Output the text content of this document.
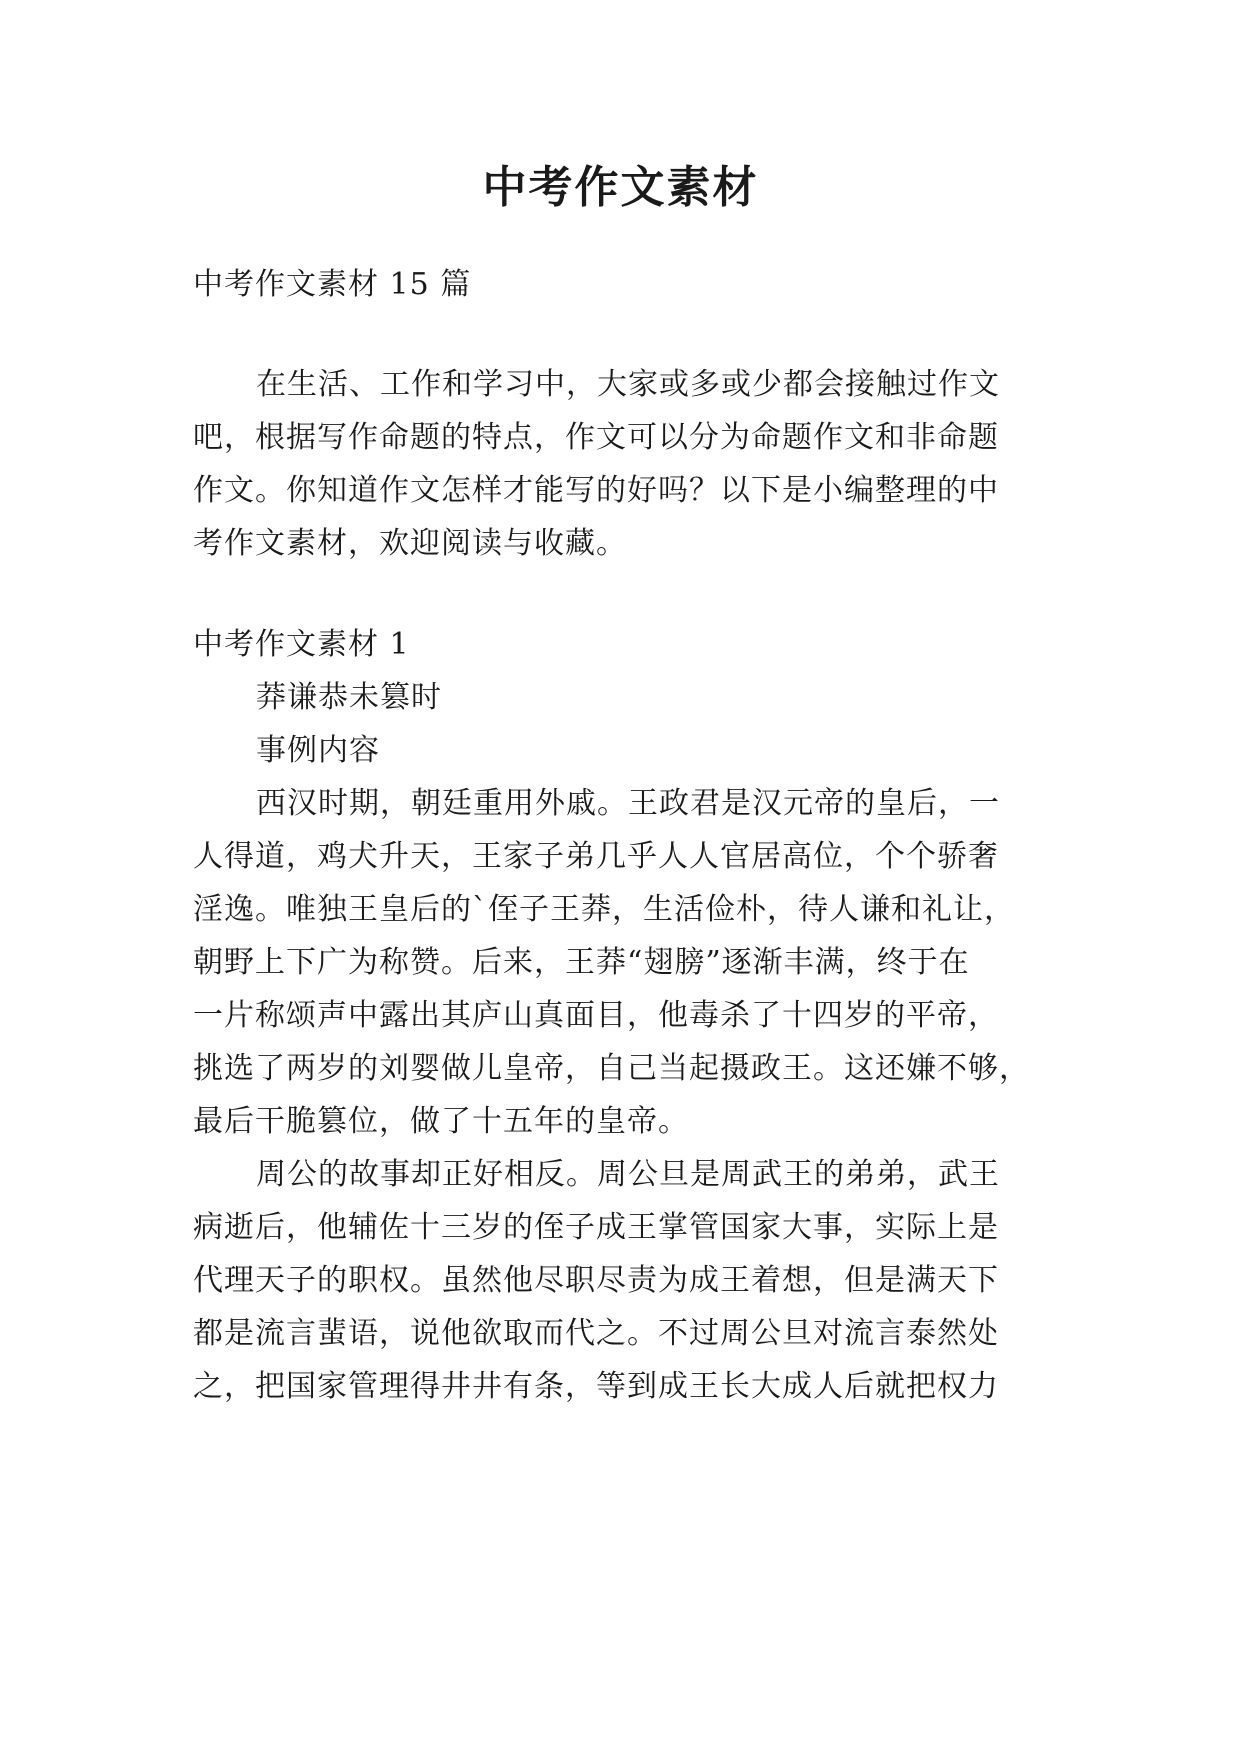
中考作文素材
中考作文素材 15 篇
在生活、工作和学习中，大家或多或少都会接触过作文
吧，根据写作命题的特点，作文可以分为命题作文和非命题
作文。你知道作文怎样才能写的好吗？以下是小编整理的中
考作文素材，欢迎阅读与收藏。
中考作文素材 1
莽谦恭未篡时
事例内容
西汉时期，朝廷重用外戚。王政君是汉元帝的皇后，一
人得道，鸡犬升天，王家子弟几乎人人官居高位，个个骄奢
淫逸。唯独王皇后的`侄子王莽，生活俭朴，待人谦和礼让，
朝野上下广为称赞。后来，王莽“翅膀”逐渐丰满，终于在
一片称颂声中露出其庐山真面目，他毒杀了十四岁的平帝，
挑选了两岁的刘婴做儿皇帝，自己当起摄政王。这还嫌不够，
最后干脆篡位，做了十五年的皇帝。
周公的故事却正好相反。周公旦是周武王的弟弟，武王
病逝后，他辅佐十三岁的侄子成王掌管国家大事，实际上是
代理天子的职权。虽然他尽职尽责为成王着想，但是满天下
都是流言蜚语，说他欲取而代之。不过周公旦对流言泰然处
之，把国家管理得井井有条，等到成王长大成人后就把权力
